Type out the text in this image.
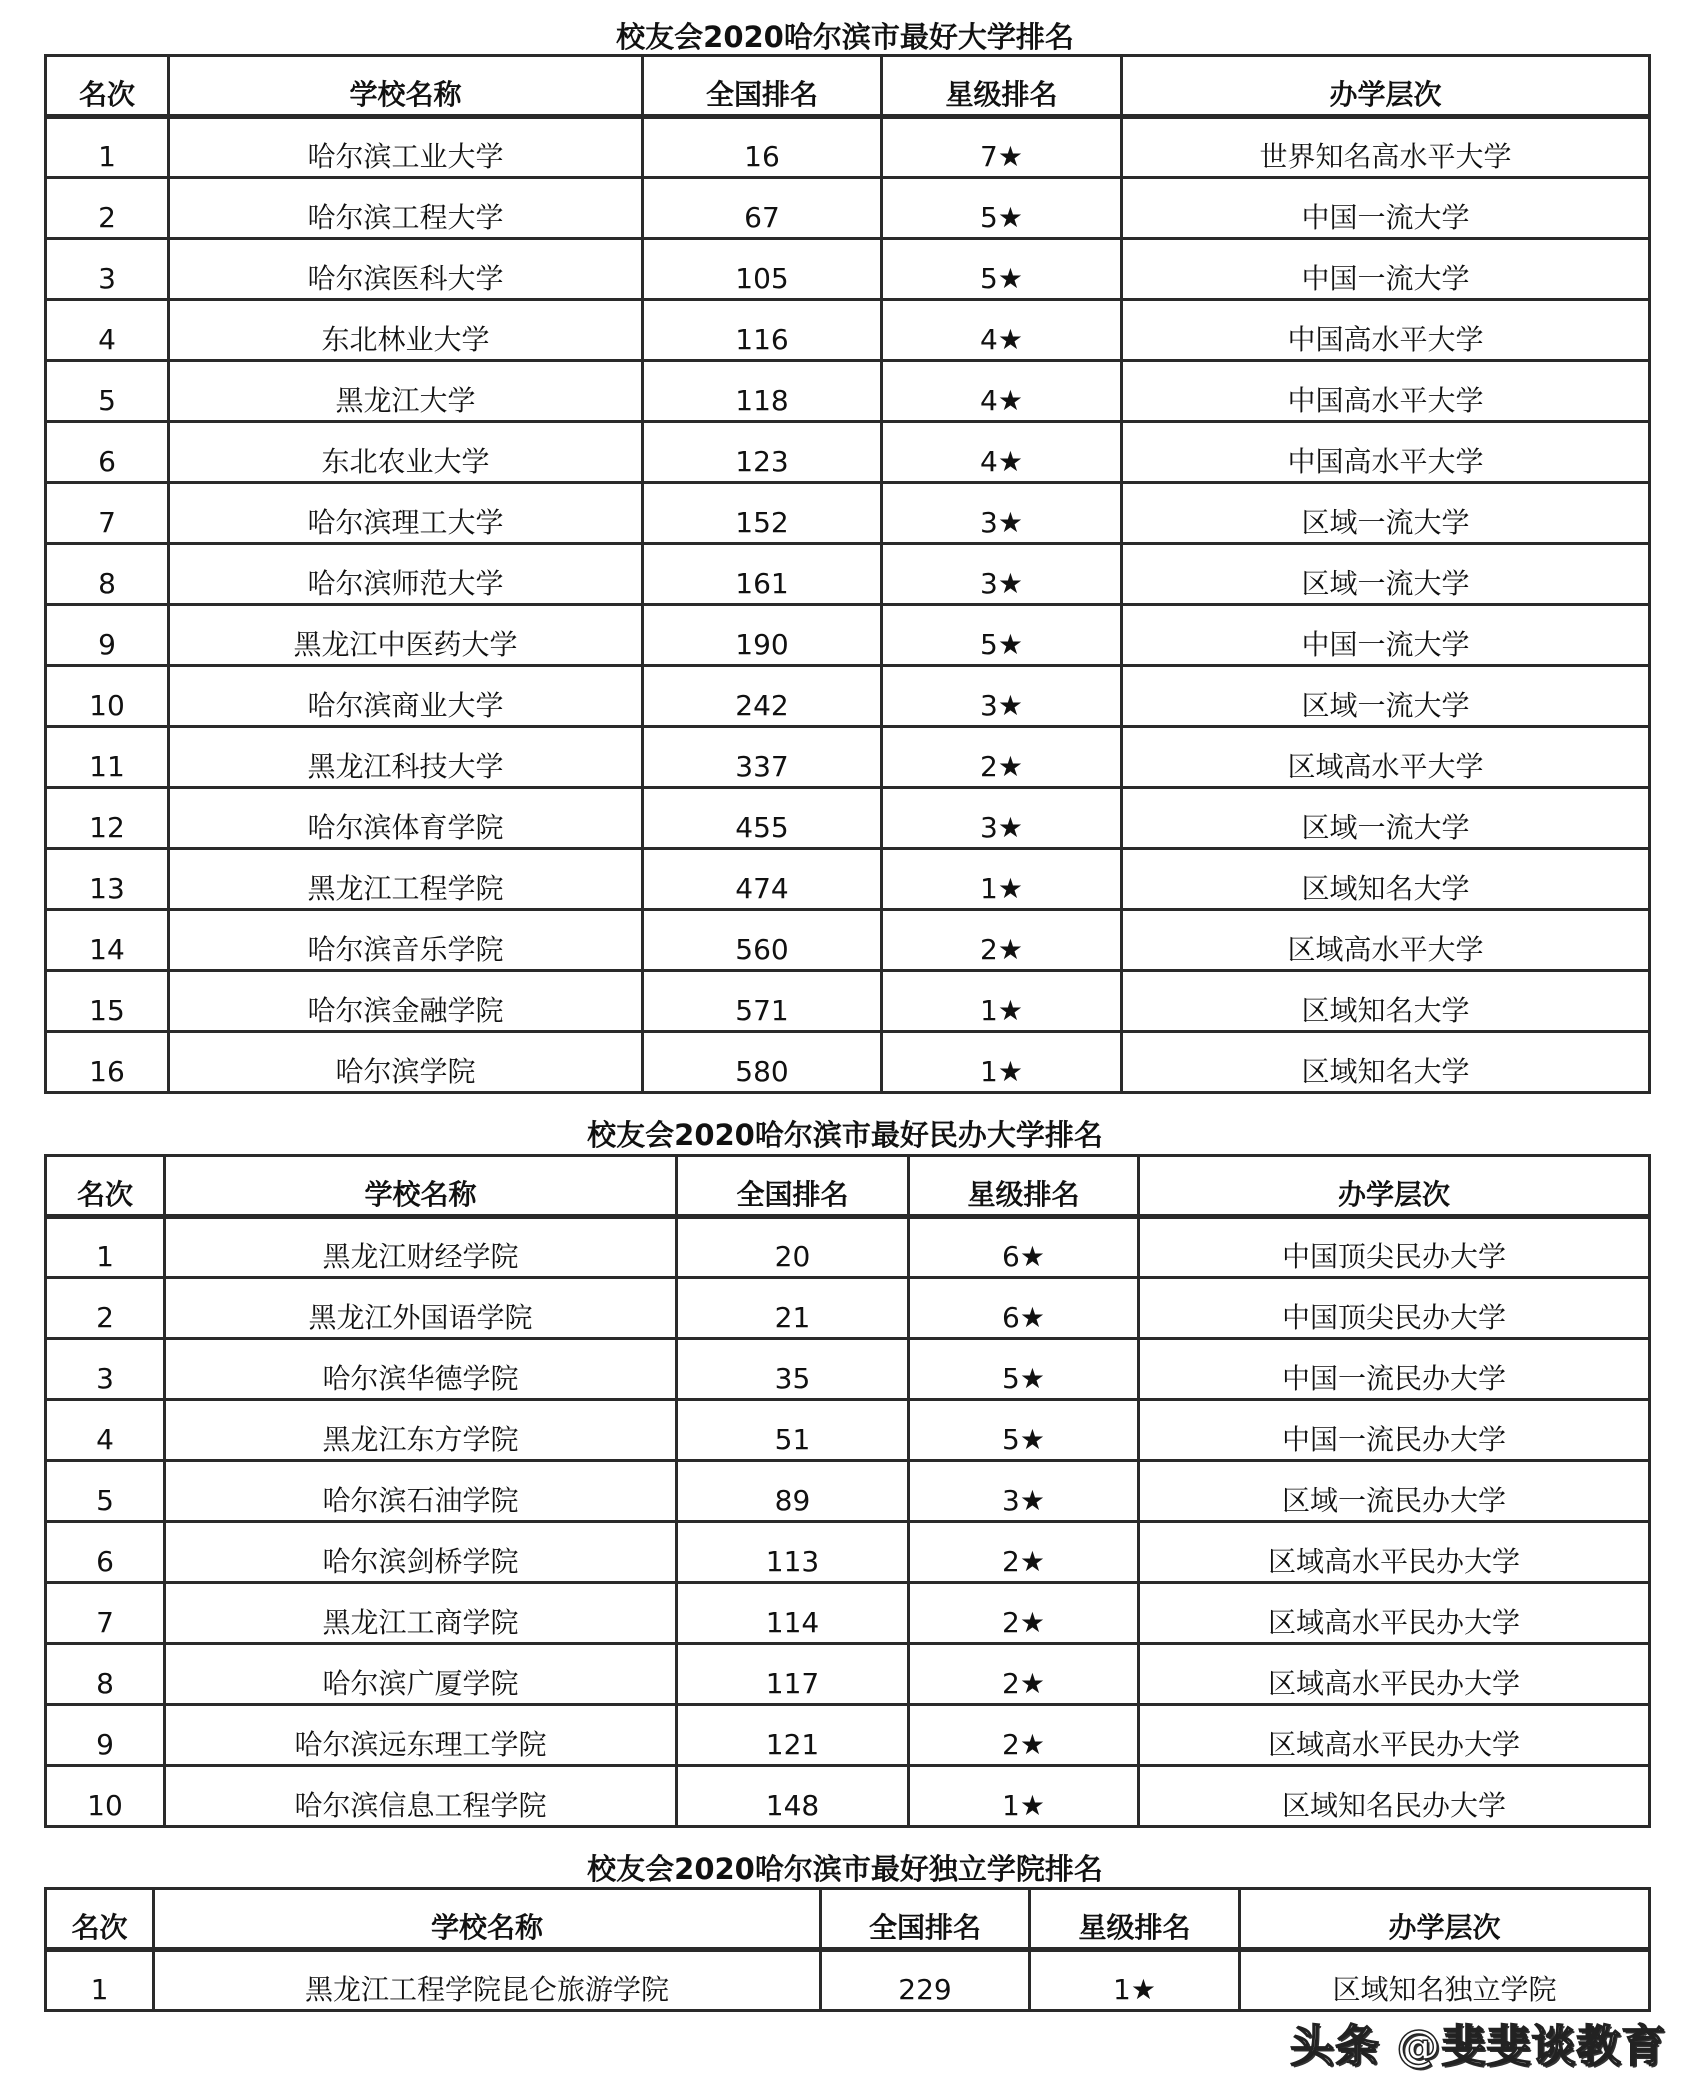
校友会2020哈尔滨市最好大学排名
名次	学校名称	全国排名	星级排名	办学层次
1	哈尔滨工业大学	16	7★	世界知名高水平大学
2	哈尔滨工程大学	67	5★	中国一流大学
3	哈尔滨医科大学	105	5★	中国一流大学
4	东北林业大学	116	4★	中国高水平大学
5	黑龙江大学	118	4★	中国高水平大学
6	东北农业大学	123	4★	中国高水平大学
7	哈尔滨理工大学	152	3★	区域一流大学
8	哈尔滨师范大学	161	3★	区域一流大学
9	黑龙江中医药大学	190	5★	中国一流大学
10	哈尔滨商业大学	242	3★	区域一流大学
11	黑龙江科技大学	337	2★	区域高水平大学
12	哈尔滨体育学院	455	3★	区域一流大学
13	黑龙江工程学院	474	1★	区域知名大学
14	哈尔滨音乐学院	560	2★	区域高水平大学
15	哈尔滨金融学院	571	1★	区域知名大学
16	哈尔滨学院	580	1★	区域知名大学
校友会2020哈尔滨市最好民办大学排名
名次	学校名称	全国排名	星级排名	办学层次
1	黑龙江财经学院	20	6★	中国顶尖民办大学
2	黑龙江外国语学院	21	6★	中国顶尖民办大学
3	哈尔滨华德学院	35	5★	中国一流民办大学
4	黑龙江东方学院	51	5★	中国一流民办大学
5	哈尔滨石油学院	89	3★	区域一流民办大学
6	哈尔滨剑桥学院	113	2★	区域高水平民办大学
7	黑龙江工商学院	114	2★	区域高水平民办大学
8	哈尔滨广厦学院	117	2★	区域高水平民办大学
9	哈尔滨远东理工学院	121	2★	区域高水平民办大学
10	哈尔滨信息工程学院	148	1★	区域知名民办大学
校友会2020哈尔滨市最好独立学院排名
名次	学校名称	全国排名	星级排名	办学层次
1	黑龙江工程学院昆仑旅游学院	229	1★	区域知名独立学院
头条 @斐斐谈教育
